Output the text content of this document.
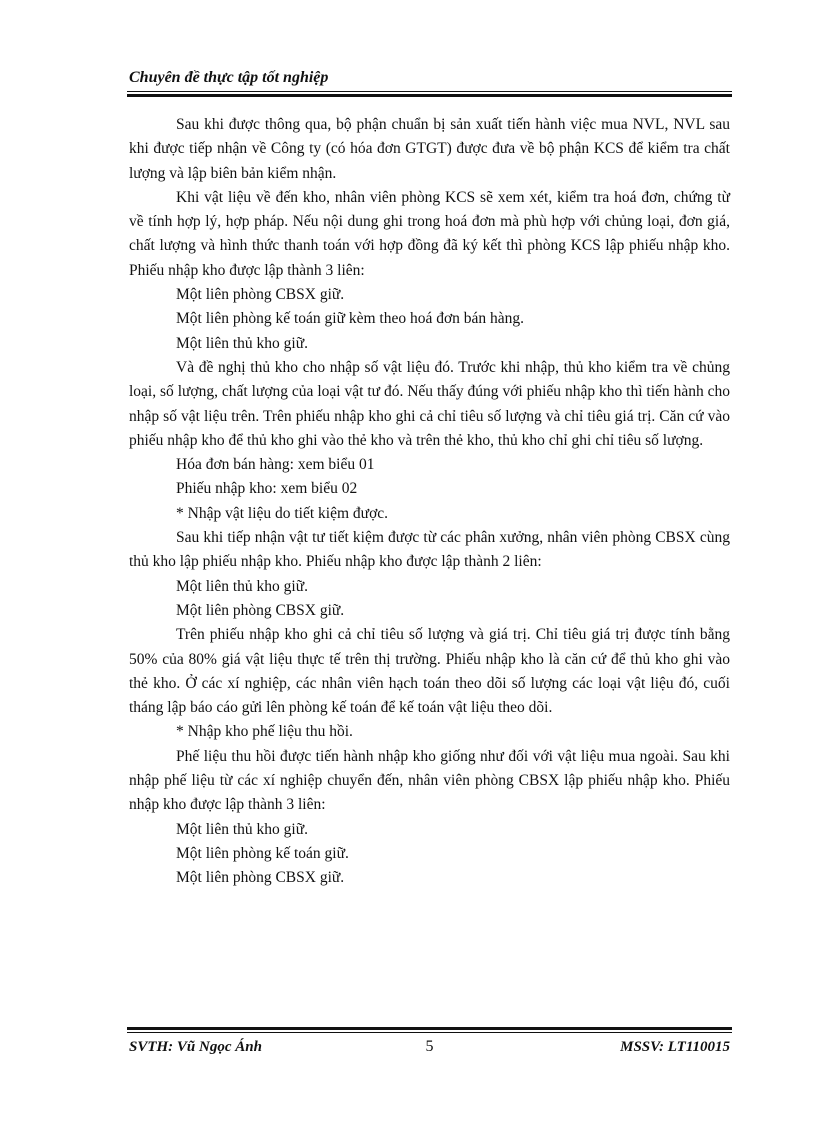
Chuyên đề thực tập tốt nghiệp

Sau khi được thông qua, bộ phận chuẩn bị sản xuất tiến hành việc mua NVL, NVL sau khi được tiếp nhận về Công ty (có hóa đơn GTGT) được đưa về bộ phận KCS để kiểm tra chất lượng và lập biên bản kiểm nhận.

Khi vật liệu về đến kho, nhân viên phòng KCS sẽ xem xét, kiểm tra hoá đơn, chứng từ về tính hợp lý, hợp pháp. Nếu nội dung ghi trong hoá đơn mà phù hợp với chủng loại, đơn giá, chất lượng và hình thức thanh toán với hợp đồng đã ký kết thì phòng KCS lập phiếu nhập kho. Phiếu nhập kho được lập thành 3 liên:

Một liên phòng CBSX giữ.

Một liên phòng kế toán giữ kèm theo hoá đơn bán hàng.

Một liên thủ kho giữ.

Và đề nghị thủ kho cho nhập số vật liệu đó. Trước khi nhập, thủ kho kiểm tra về chủng loại, số lượng, chất lượng của loại vật tư đó. Nếu thấy đúng với phiếu nhập kho thì tiến hành cho nhập số vật liệu trên. Trên phiếu nhập kho ghi cả chỉ tiêu số lượng và chỉ tiêu giá trị. Căn cứ vào phiếu nhập kho để thủ kho ghi vào thẻ kho và trên thẻ kho, thủ kho chỉ ghi chỉ tiêu số lượng.

Hóa đơn bán hàng: xem biểu 01

Phiếu nhập kho: xem biểu 02

* Nhập vật liệu do tiết kiệm được.

Sau khi tiếp nhận vật tư tiết kiệm được từ các phân xưởng, nhân viên phòng CBSX cùng thủ kho lập phiếu nhập kho. Phiếu nhập kho được lập thành 2 liên:

Một liên thủ kho giữ.

Một liên phòng CBSX giữ.

Trên phiếu nhập kho ghi cả chỉ tiêu số lượng và giá trị. Chỉ tiêu giá trị được tính bằng 50% của 80% giá vật liệu thực tế trên thị trường. Phiếu nhập kho là căn cứ để thủ kho ghi vào thẻ kho. Ở các xí nghiệp, các nhân viên hạch toán theo dõi số lượng các loại vật liệu đó, cuối tháng lập báo cáo gửi lên phòng kế toán để kế toán vật liệu theo dõi.

* Nhập kho phế liệu thu hồi.

Phế liệu thu hồi được tiến hành nhập kho giống như đối với vật liệu mua ngoài. Sau khi nhập phế liệu từ các xí nghiệp chuyển đến, nhân viên phòng CBSX lập phiếu nhập kho. Phiếu nhập kho được lập thành 3 liên:

Một liên thủ kho giữ.

Một liên phòng kế toán giữ.

Một liên phòng CBSX giữ.

SVTH: Vũ Ngọc Ánh	5	MSSV: LT110015
